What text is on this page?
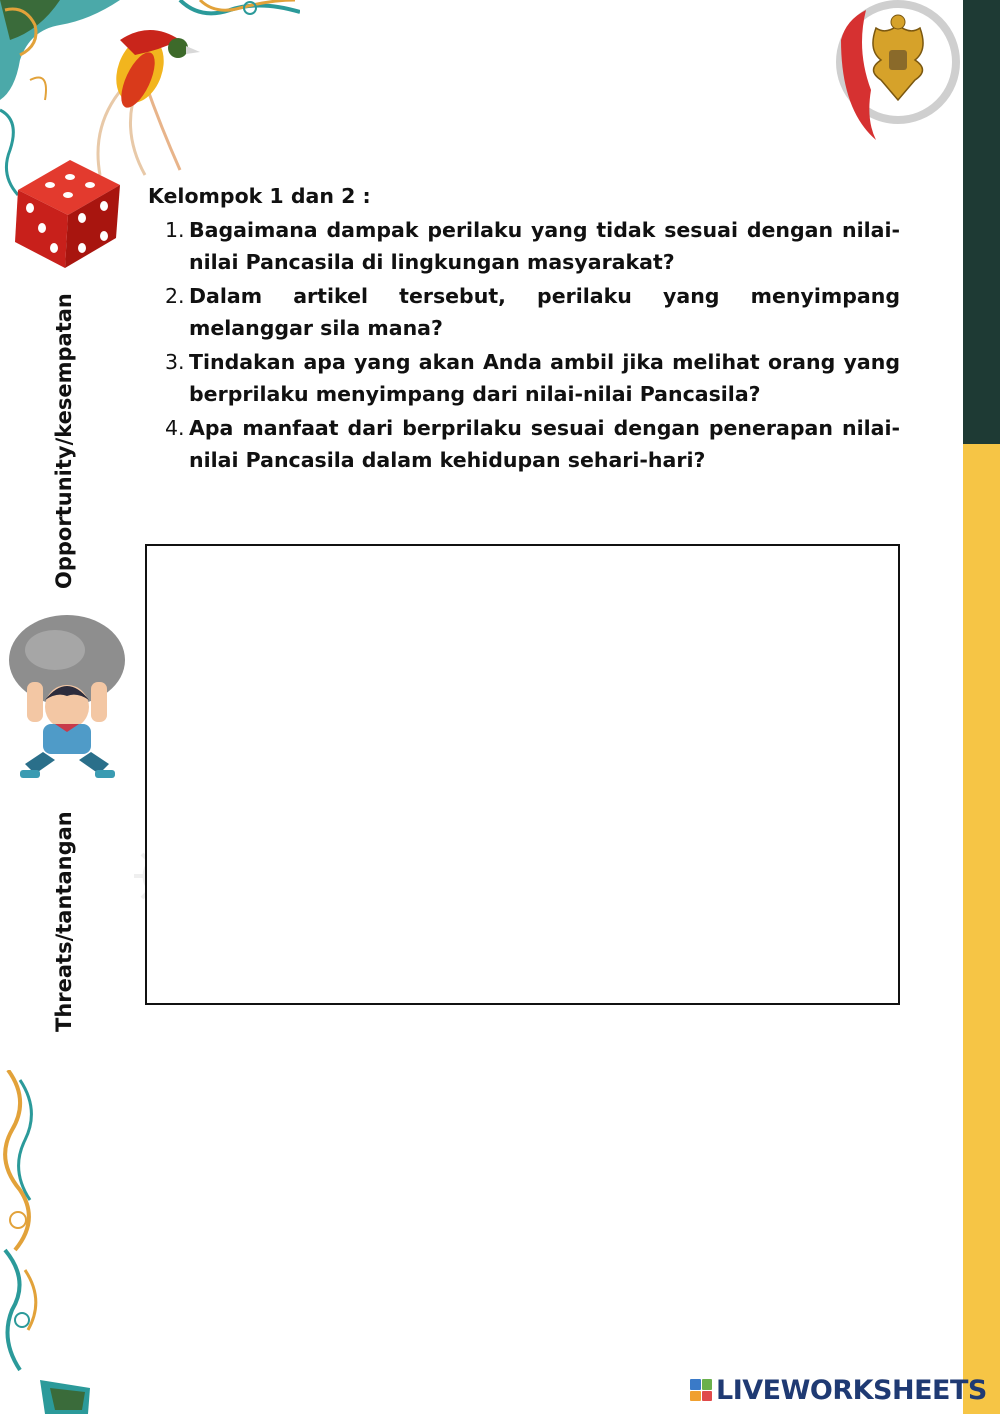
Opportunity/kesempatan
Threats/tantangan
Kelompok 1 dan 2 :
1. Bagaimana dampak perilaku yang tidak sesuai dengan nilai-nilai Pancasila di lingkungan masyarakat?
2. Dalam artikel tersebut, perilaku yang menyimpang melanggar sila mana?
3. Tindakan apa yang akan Anda ambil jika melihat orang yang berprilaku menyimpang dari nilai-nilai Pancasila?
4. Apa manfaat dari berprilaku sesuai dengan penerapan nilai-nilai Pancasila dalam kehidupan sehari-hari?
LIVEWORKSHEETS
